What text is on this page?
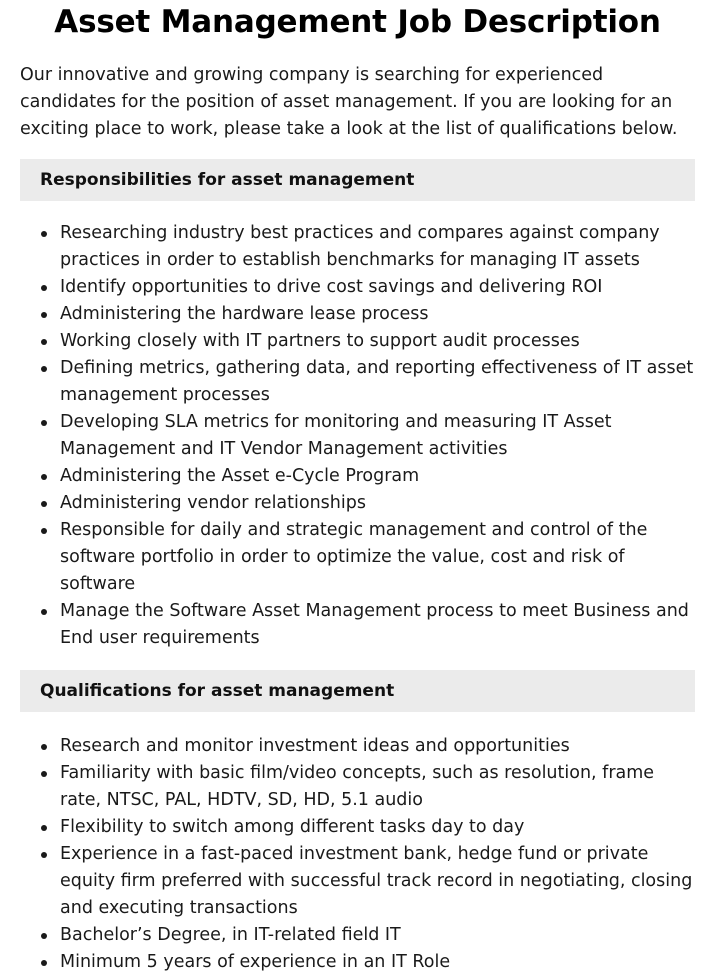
Asset Management Job Description

Our innovative and growing company is searching for experienced candidates for the position of asset management. If you are looking for an exciting place to work, please take a look at the list of qualifications below.

Responsibilities for asset management
Researching industry best practices and compares against company practices in order to establish benchmarks for managing IT assets
Identify opportunities to drive cost savings and delivering ROI
Administering the hardware lease process
Working closely with IT partners to support audit processes
Defining metrics, gathering data, and reporting effectiveness of IT asset management processes
Developing SLA metrics for monitoring and measuring IT Asset Management and IT Vendor Management activities
Administering the Asset e-Cycle Program
Administering vendor relationships
Responsible for daily and strategic management and control of the software portfolio in order to optimize the value, cost and risk of software
Manage the Software Asset Management process to meet Business and End user requirements
Qualifications for asset management
Research and monitor investment ideas and opportunities
Familiarity with basic film/video concepts, such as resolution, frame rate, NTSC, PAL, HDTV, SD, HD, 5.1 audio
Flexibility to switch among different tasks day to day
Experience in a fast-paced investment bank, hedge fund or private equity firm preferred with successful track record in negotiating, closing and executing transactions
Bachelor’s Degree, in IT-related field IT
Minimum 5 years of experience in an IT Role
